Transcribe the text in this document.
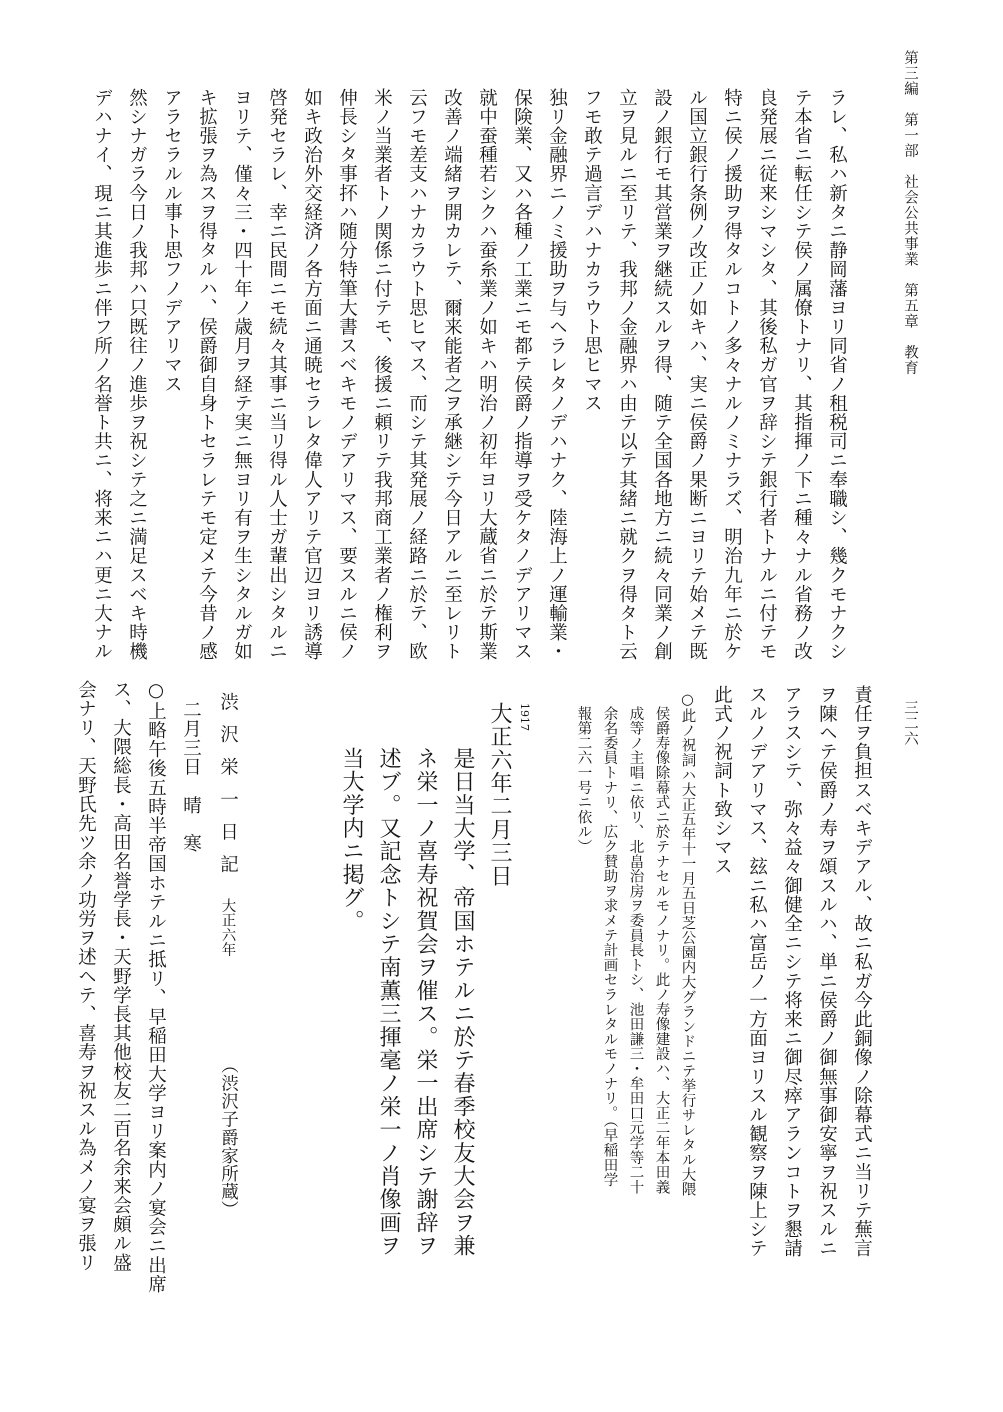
第三編　第一部　社会公共事業　第五章　教育

三二六

ラレ、私ハ新タニ静岡藩ヨリ同省ノ租税司ニ奉職シ、幾クモナクシ

テ本省ニ転任シテ侯ノ属僚トナリ、其指揮ノ下ニ種々ナル省務ノ改

良発展ニ従来シマシタ、其後私ガ官ヲ辞シテ銀行者トナルニ付テモ

特ニ侯ノ援助ヲ得タルコトノ多々ナルノミナラズ、明治九年ニ於ケ

ル国立銀行条例ノ改正ノ如キハ、実ニ侯爵ノ果断ニヨリテ始メテ既

設ノ銀行モ其営業ヲ継続スルヲ得、随テ全国各地方ニ続々同業ノ創

立ヲ見ルニ至リテ、我邦ノ金融界ハ由テ以テ其緒ニ就クヲ得タト云

フモ敢テ過言デハナカラウト思ヒマス

独リ金融界ニノミ援助ヲ与ヘラレタノデハナク、陸海上ノ運輸業・

保険業、又ハ各種ノ工業ニモ都テ侯爵ノ指導ヲ受ケタノデアリマス

就中蚕種若シクハ蚕糸業ノ如キハ明治ノ初年ヨリ大蔵省ニ於テ斯業

改善ノ端緒ヲ開カレテ、爾来能者之ヲ承継シテ今日アルニ至レリト

云フモ差支ハナカラウト思ヒマス、而シテ其発展ノ経路ニ於テ、欧

米ノ当業者トノ関係ニ付テモ、後援ニ頼リテ我邦商工業者ノ権利ヲ

伸長シタ事抔ハ随分特筆大書スベキモノデアリマス、要スルニ侯ノ

如キ政治外交経済ノ各方面ニ通暁セラレタ偉人アリテ官辺ヨリ誘導

啓発セラレ、幸ニ民間ニモ続々其事ニ当リ得ル人士ガ輩出シタルニ

ヨリテ、僅々三・四十年ノ歳月ヲ経テ実ニ無ヨリ有ヲ生シタルガ如

キ拡張ヲ為スヲ得タルハ、侯爵御自身トセラレテモ定メテ今昔ノ感

アラセラルル事ト思フノデアリマス

然シナガラ今日ノ我邦ハ只既往ノ進歩ヲ祝シテ之ニ満足スベキ時機

デハナイ、現ニ其進歩ニ伴フ所ノ名誉ト共ニ、将来ニハ更ニ大ナル

責任ヲ負担スベキデアル、故ニ私ガ今此銅像ノ除幕式ニ当リテ蕪言

ヲ陳ヘテ侯爵ノ寿ヲ頌スルハ、単ニ侯爵ノ御無事御安寧ヲ祝スルニ

アラスシテ、弥々益々御健全ニシテ将来ニ御尽瘁アランコトヲ懇請

スルノデアリマス、玆ニ私ハ富岳ノ一方面ヨリスル観察ヲ陳上シテ

此式ノ祝詞ト致シマス

○此ノ祝詞ハ大正五年十一月五日芝公園内大グランドニテ挙行サレタル大隈

侯爵寿像除幕式ニ於テナセルモノナリ。此ノ寿像建設ハ、大正二年本田義

成等ノ主唱ニ依リ、北畠治房ヲ委員長トシ、池田謙三・牟田口元学等二十

余名委員トナリ、広ク賛助ヲ求メテ計画セラレタルモノナリ。（早稲田学

報第二六一号ニ依ル）

1917

大正六年二月三日

是日当大学、帝国ホテルニ於テ春季校友大会ヲ兼

ネ栄一ノ喜寿祝賀会ヲ催ス。栄一出席シテ謝辞ヲ

述ブ。又記念トシテ南薫三揮毫ノ栄一ノ肖像画ヲ

当大学内ニ掲グ。

渋沢栄一日記

大正六年

（渋沢子爵家所蔵）

二月三日　晴　寒

○上略午後五時半帝国ホテルニ抵リ、早稲田大学ヨリ案内ノ宴会ニ出席

ス、大隈総長・高田名誉学長・天野学長其他校友二百名余来会頗ル盛

会ナリ、天野氏先ツ余ノ功労ヲ述ヘテ、喜寿ヲ祝スル為メノ宴ヲ張リ
